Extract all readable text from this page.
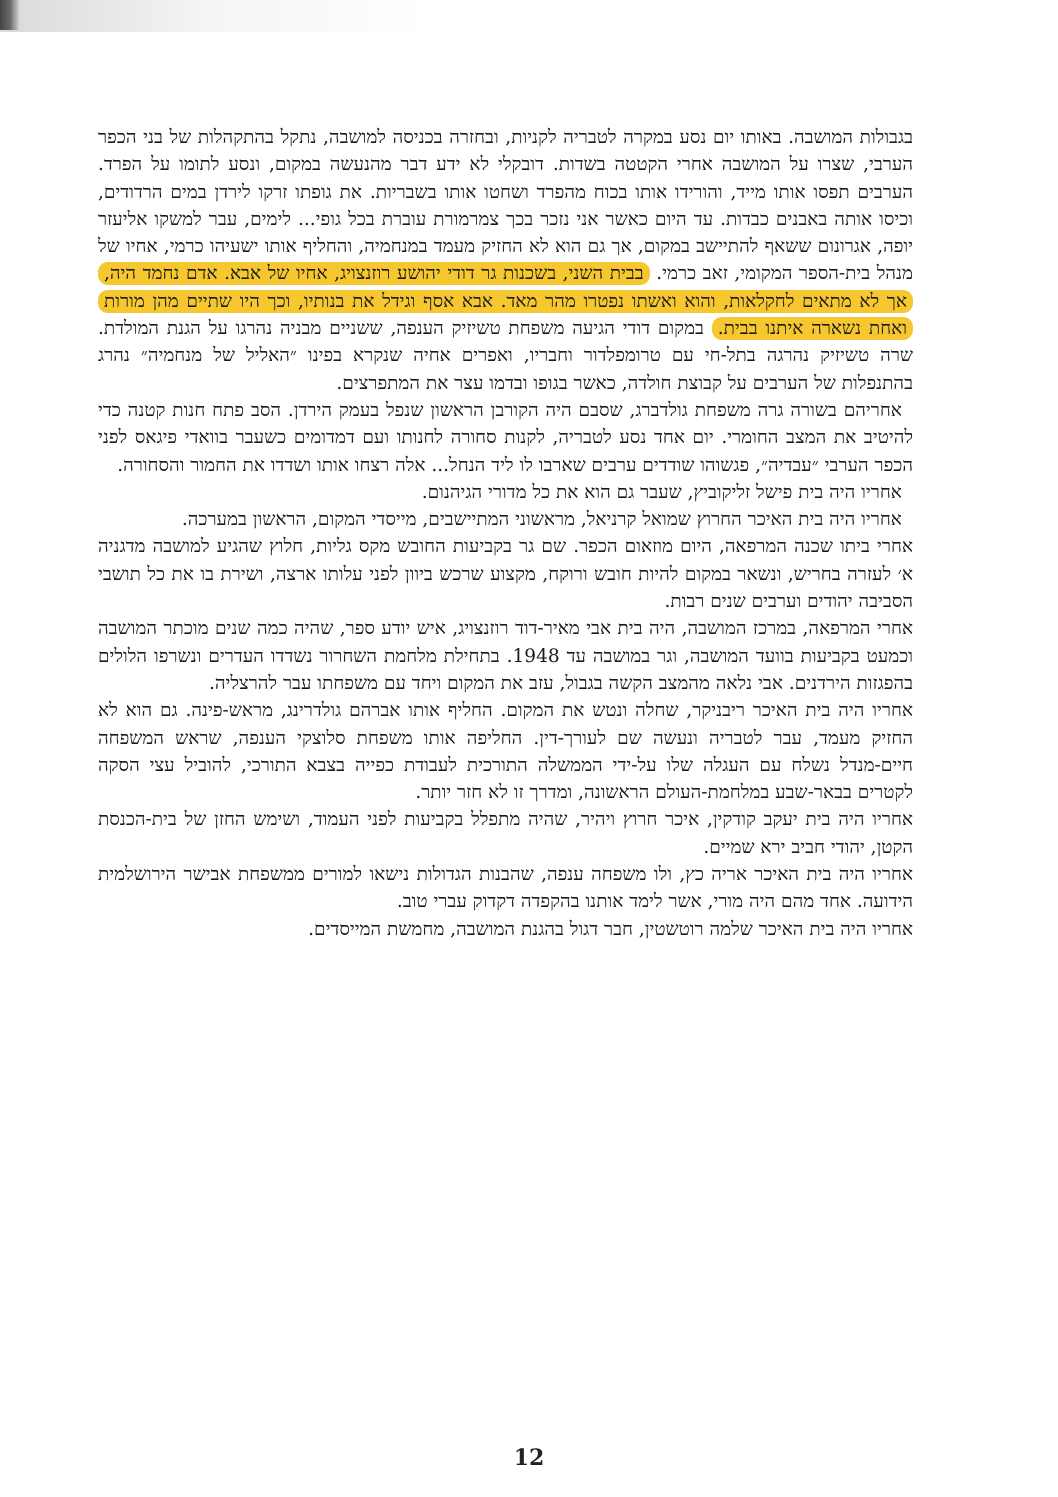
בגבולות המושבה. באותו יום נסע במקרה לטבריה לקניות, ובחזרה בכניסה למושבה, נתקל בהתקהלות של בני הכפר הערבי, שצרו על המושבה אחרי הקטטה בשדות. דובקלי לא ידע דבר מהנעשה במקום, ונסע לתומו על הפרד. הערבים תפסו אותו מייד, והורידו אותו בכוח מהפרד ושחטו אותו בשבריות. את גופתו זרקו לירדן במים הרדודים, וכיסו אותה באבנים כבדות. עד היום כאשר אני נזכר בכך צמרמורת עוברת בכל גופי... לימים, עבר למשקו אליעזר יופה, אגרונום ששאף להתיישב במקום, אך גם הוא לא החזיק מעמד במנחמיה, והחליף אותו ישעיהו כרמי, אחיו של מנהל בית-הספר המקומי, זאב כרמי. בבית השני, בשכנות גר דודי יהושע רוזנצויג, אחיו של אבא. אדם נחמד היה, אך לא מתאים לחקלאות, והוא ואשתו נפטרו מהר מאד. אבא אסף וגידל את בנותיו, וכך היו שתיים מהן מורות ואחת נשארה איתנו בבית. במקום דודי הגיעה משפחת טשיזיק הענפה, ששניים מבניה נהרגו על הגנת המולדת. שרה טשיזיק נהרגה בתל-חי עם טרומפלדור וחבריו, ואפרים אחיה שנקרא בפינו ״האליל של מנחמיה״ נהרג בהתנפלות של הערבים על קבוצת חולדה, כאשר בגופו ובדמו עצר את המתפרצים.

אחריהם בשורה גרה משפחת גולדברג, שסבם היה הקורבן הראשון שנפל בעמק הירדן. הסב פתח חנות קטנה כדי להיטיב את המצב החומרי. יום אחד נסע לטבריה, לקנות סחורה לחנותו ועם דמדומים כשעבר בוואדי פיגאס לפני הכפר הערבי ״עבדיה״, פגשוהו שודדים ערבים שארבו לו ליד הנחל... אלה רצחו אותו ושדדו את החמור והסחורה.

אחריו היה בית פישל זליקוביץ, שעבר גם הוא את כל מדורי הגיהנום.

אחריו היה בית האיכר החרוץ שמואל קרניאל, מראשוני המתיישבים, מייסדי המקום, הראשון במערכה.

אחרי ביתו שכנה המרפאה, היום מוזאום הכפר. שם גר בקביעות החובש מקס גליות, חלוץ שהגיע למושבה מדגניה א׳ לעזרה בחריש, ונשאר במקום להיות חובש ורוקח, מקצוע שרכש ביוון לפני עלותו ארצה, ושירת בו את כל תושבי הסביבה יהודים וערבים שנים רבות.

אחרי המרפאה, במרכז המושבה, היה בית אבי מאיר-דוד רוזנצויג, איש יודע ספר, שהיה כמה שנים מוכתר המושבה וכמעט בקביעות בוועד המושבה, וגר במושבה עד 1948. בתחילת מלחמת השחרור נשדדו העדרים ונשרפו הלולים בהפגזות הירדנים. אבי נלאה מהמצב הקשה בגבול, עזב את המקום ויחד עם משפחתו עבר להרצליה.

אחריו היה בית האיכר ריבניקר, שחלה ונטש את המקום. החליף אותו אברהם גולדרינג, מראש-פינה. גם הוא לא החזיק מעמד, עבר לטבריה ונעשה שם לעורך-דין. החליפה אותו משפחת סלוצקי הענפה, שראש המשפחה חיים-מנדל נשלח עם העגלה שלו על-ידי הממשלה התורכית לעבודת כפייה בצבא התורכי, להוביל עצי הסקה לקטרים בבאר-שבע במלחמת-העולם הראשונה, ומדרך זו לא חזר יותר.

אחריו היה בית יעקב קודקין, איכר חרוץ ויהיר, שהיה מתפלל בקביעות לפני העמוד, ושימש החזן של בית-הכנסת הקטן, יהודי חביב ירא שמיים.

אחריו היה בית האיכר אריה כץ, ולו משפחה ענפה, שהבנות הגדולות נישאו למורים ממשפחת אבישר הירושלמית הידועה. אחד מהם היה מורי, אשר לימד אותנו בהקפדה דקדוק עברי טוב.

אחריו היה בית האיכר שלמה רוטשטין, חבר דגול בהגנת המושבה, מחמשת המייסדים.

12
